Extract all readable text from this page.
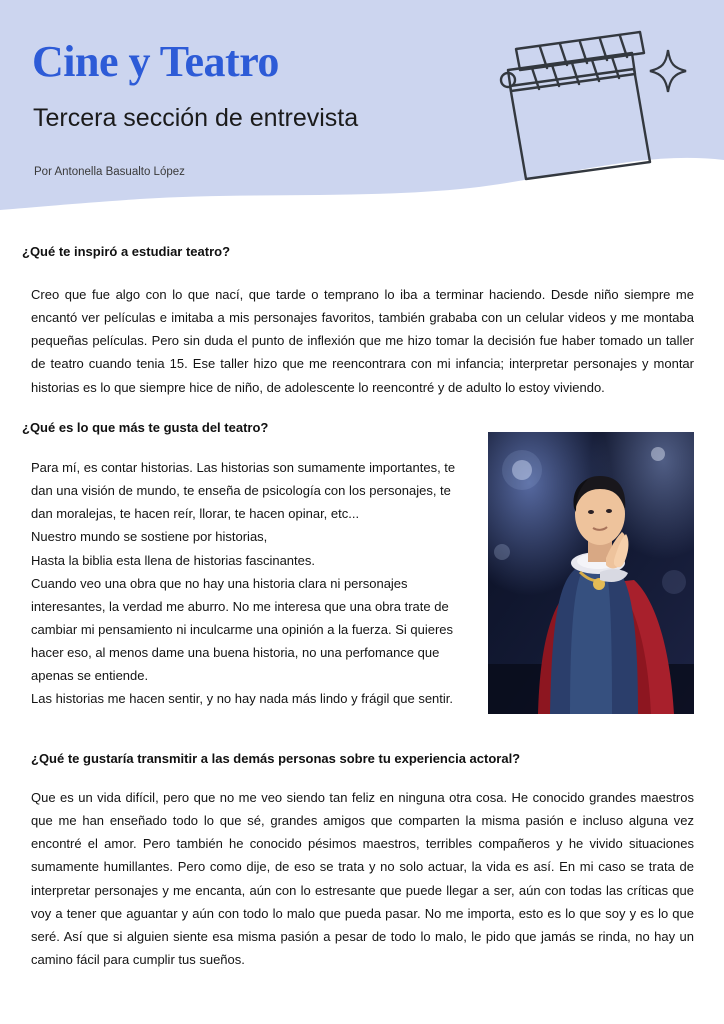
Cine y Teatro
Tercera sección de entrevista
Por Antonella Basualto López
¿Qué te inspiró a estudiar teatro?
Creo que fue algo con lo que nací, que tarde o temprano lo iba a terminar haciendo. Desde niño siempre me encantó ver películas e imitaba a mis personajes favoritos, también grababa con un celular videos y me montaba pequeñas películas. Pero sin duda el punto de inflexión que me hizo tomar la decisión fue haber tomado un taller de teatro cuando tenia 15. Ese taller hizo que me reencontrara con mi infancia; interpretar personajes y montar historias es lo que siempre hice de niño, de adolescente lo reencontré y de adulto lo estoy viviendo.
¿Qué es lo que más te gusta del teatro?

Para mí, es contar historias. Las historias son sumamente importantes, te dan una visión de mundo, te enseña de psicología con los personajes, te dan moralejas, te hacen reír, llorar, te hacen opinar, etc...

Nuestro mundo se sostiene por historias,

Hasta la biblia esta llena de historias fascinantes.

Cuando veo una obra que no hay una historia clara ni personajes interesantes, la verdad me aburro. No me interesa que una obra trate de cambiar mi pensamiento ni inculcarme una opinión a la fuerza. Si quieres hacer eso, al menos dame una buena historia, no una perfomance que apenas se entiende.

Las historias me hacen sentir, y no hay nada más lindo y frágil que sentir.

¿Qué te gustaría transmitir a las demás personas sobre tu experiencia actoral?
Que es un vida difícil, pero que no me veo siendo tan feliz en ninguna otra cosa. He conocido grandes maestros que me han enseñado todo lo que sé, grandes amigos que comparten la misma pasión e incluso alguna vez encontré el amor. Pero también he conocido pésimos maestros, terribles compañeros y he vivido situaciones sumamente humillantes. Pero como dije, de eso se trata y no solo actuar, la vida es así. En mi caso se trata de interpretar personajes y me encanta, aún con lo estresante que puede llegar a ser, aún con todas las críticas que voy a tener que aguantar y aún con todo lo malo que pueda pasar. No me importa, esto es lo que soy y es lo que seré. Así que si alguien siente esa misma pasión a pesar de todo lo malo, le pido que jamás se rinda, no hay un camino fácil para cumplir tus sueños.
